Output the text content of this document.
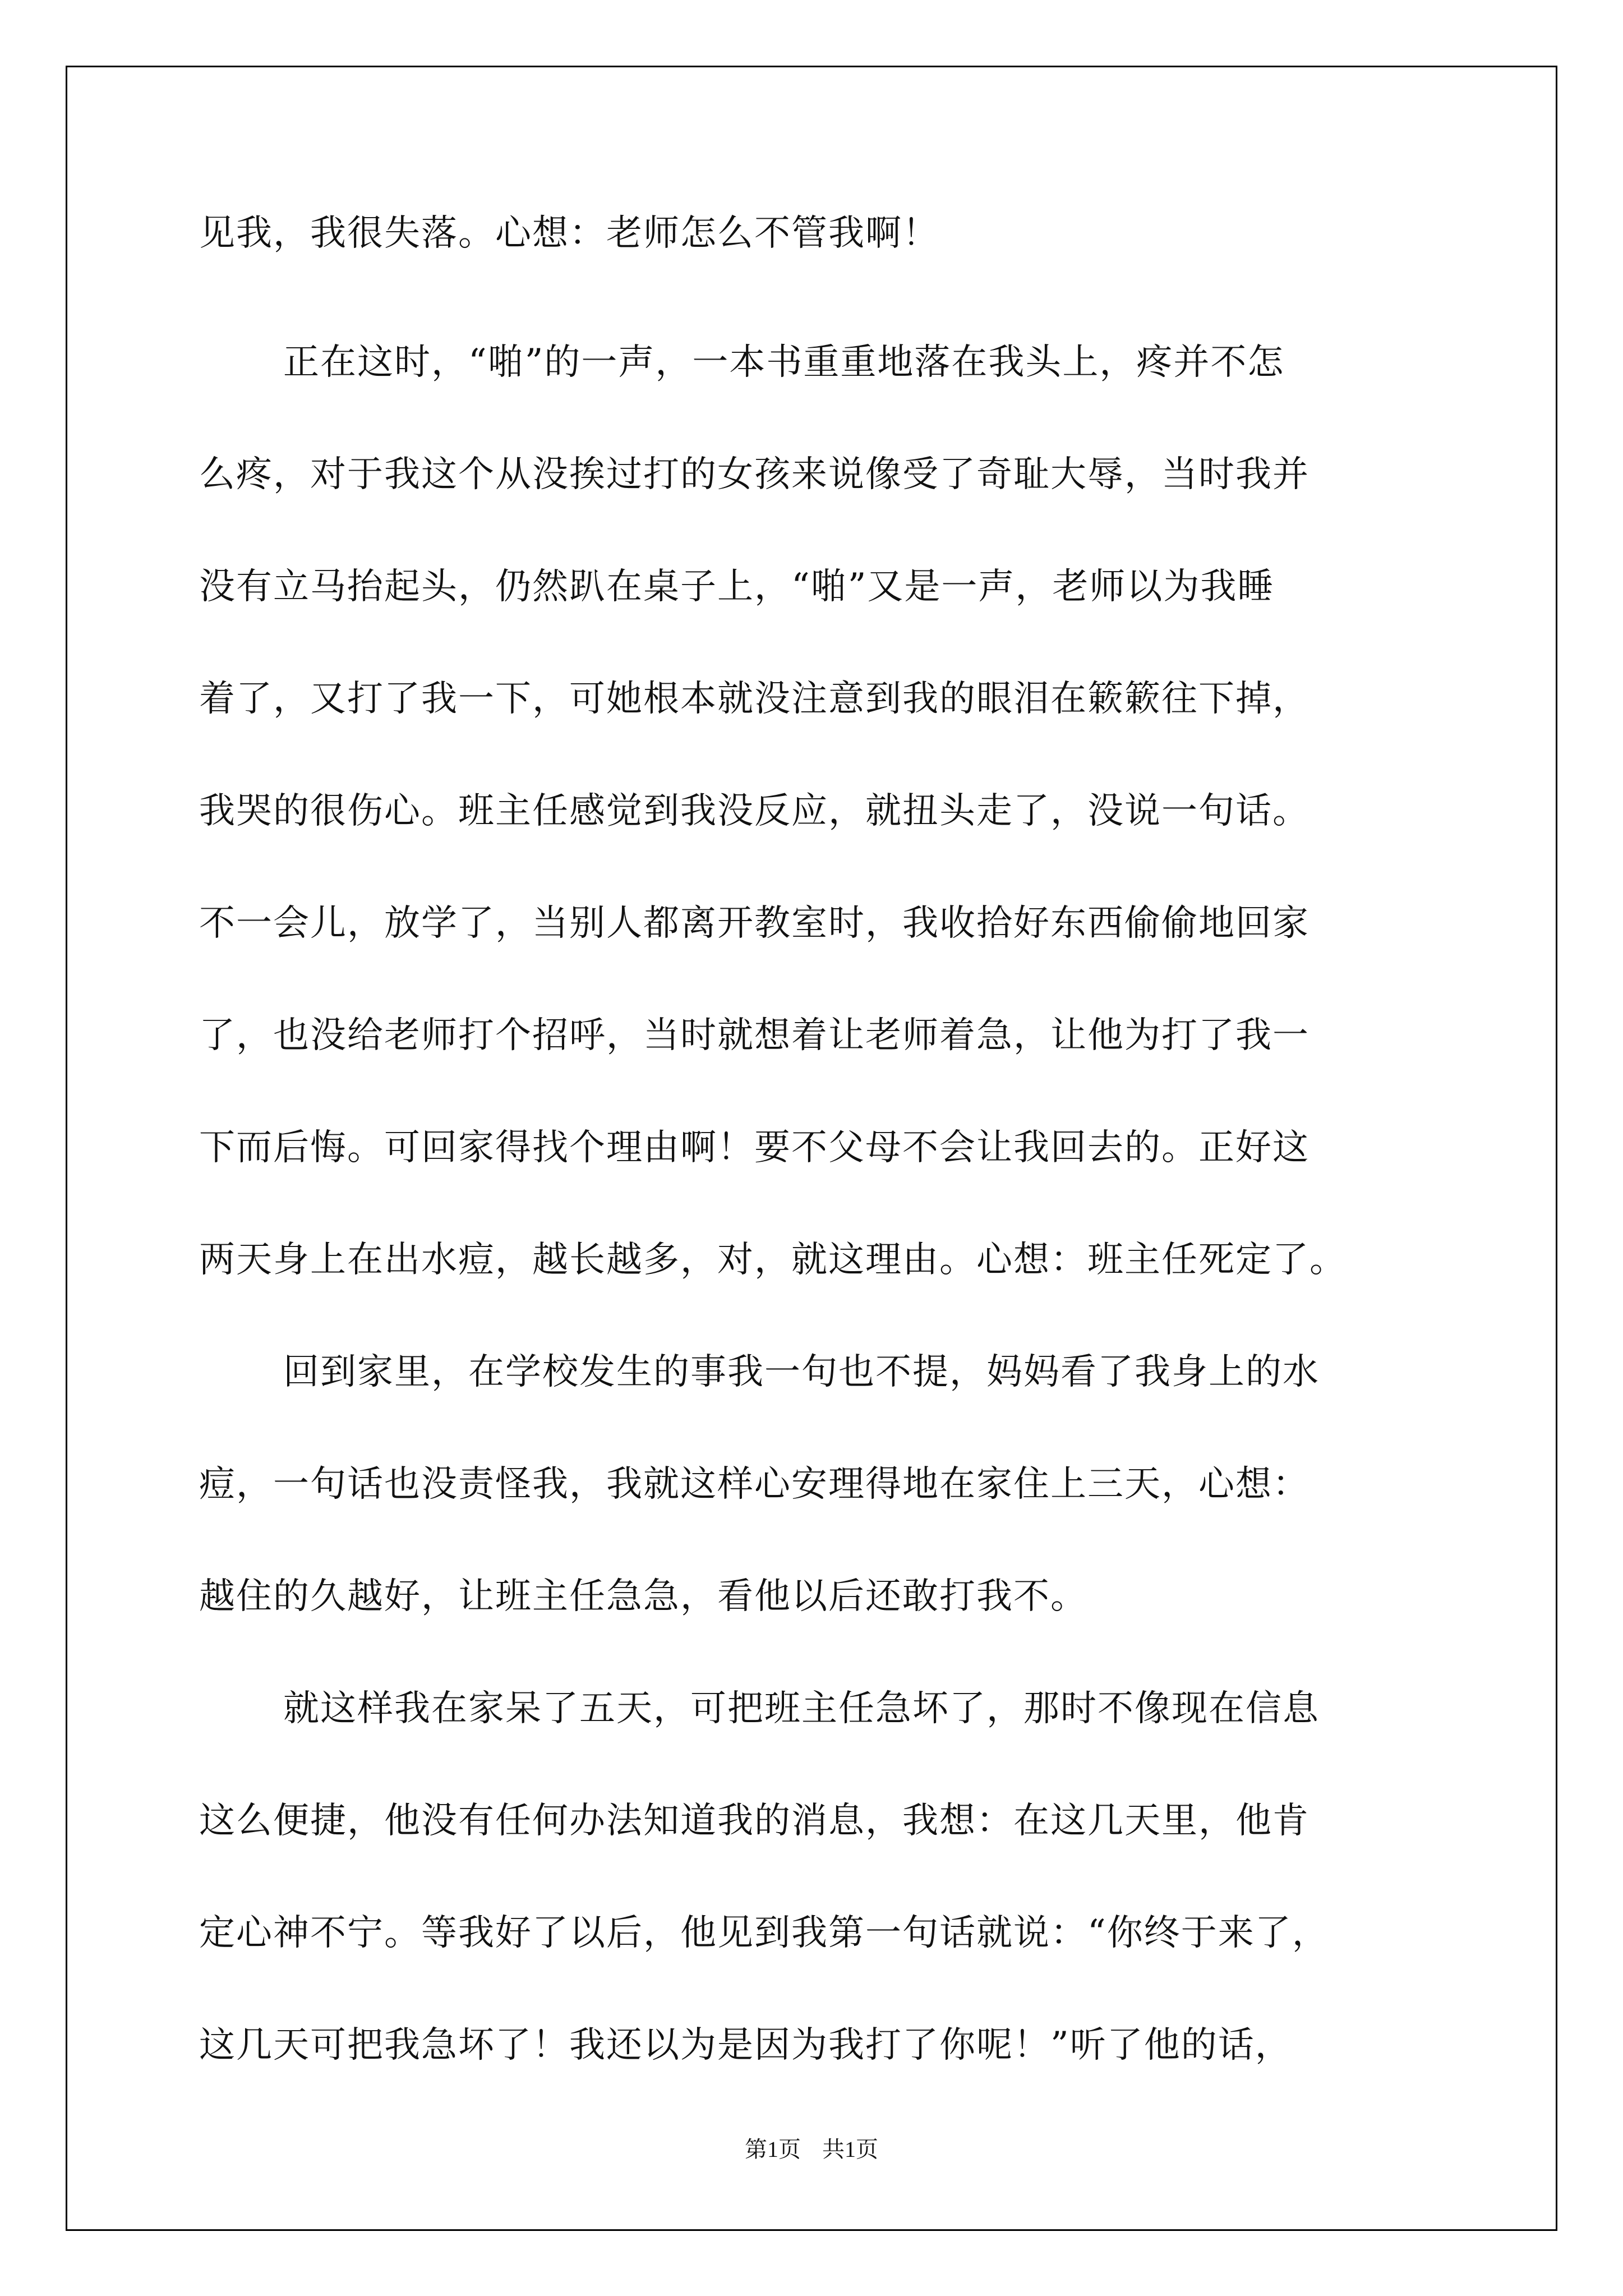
见我，我很失落。心想：老师怎么不管我啊！
正在这时，“啪”的一声，一本书重重地落在我头上，疼并不怎
么疼，对于我这个从没挨过打的女孩来说像受了奇耻大辱，当时我并
没有立马抬起头，仍然趴在桌子上，“啪”又是一声，老师以为我睡
着了，又打了我一下，可她根本就没注意到我的眼泪在簌簌往下掉，
我哭的很伤心。班主任感觉到我没反应，就扭头走了，没说一句话。
不一会儿，放学了，当别人都离开教室时，我收拾好东西偷偷地回家
了，也没给老师打个招呼，当时就想着让老师着急，让他为打了我一
下而后悔。可回家得找个理由啊！要不父母不会让我回去的。正好这
两天身上在出水痘，越长越多，对，就这理由。心想：班主任死定了。
回到家里，在学校发生的事我一句也不提，妈妈看了我身上的水
痘，一句话也没责怪我，我就这样心安理得地在家住上三天，心想：
越住的久越好，让班主任急急，看他以后还敢打我不。
就这样我在家呆了五天，可把班主任急坏了，那时不像现在信息
这么便捷，他没有任何办法知道我的消息，我想：在这几天里，他肯
定心神不宁。等我好了以后，他见到我第一句话就说：“你终于来了，
这几天可把我急坏了！我还以为是因为我打了你呢！”听了他的话，
第1页 共1页
